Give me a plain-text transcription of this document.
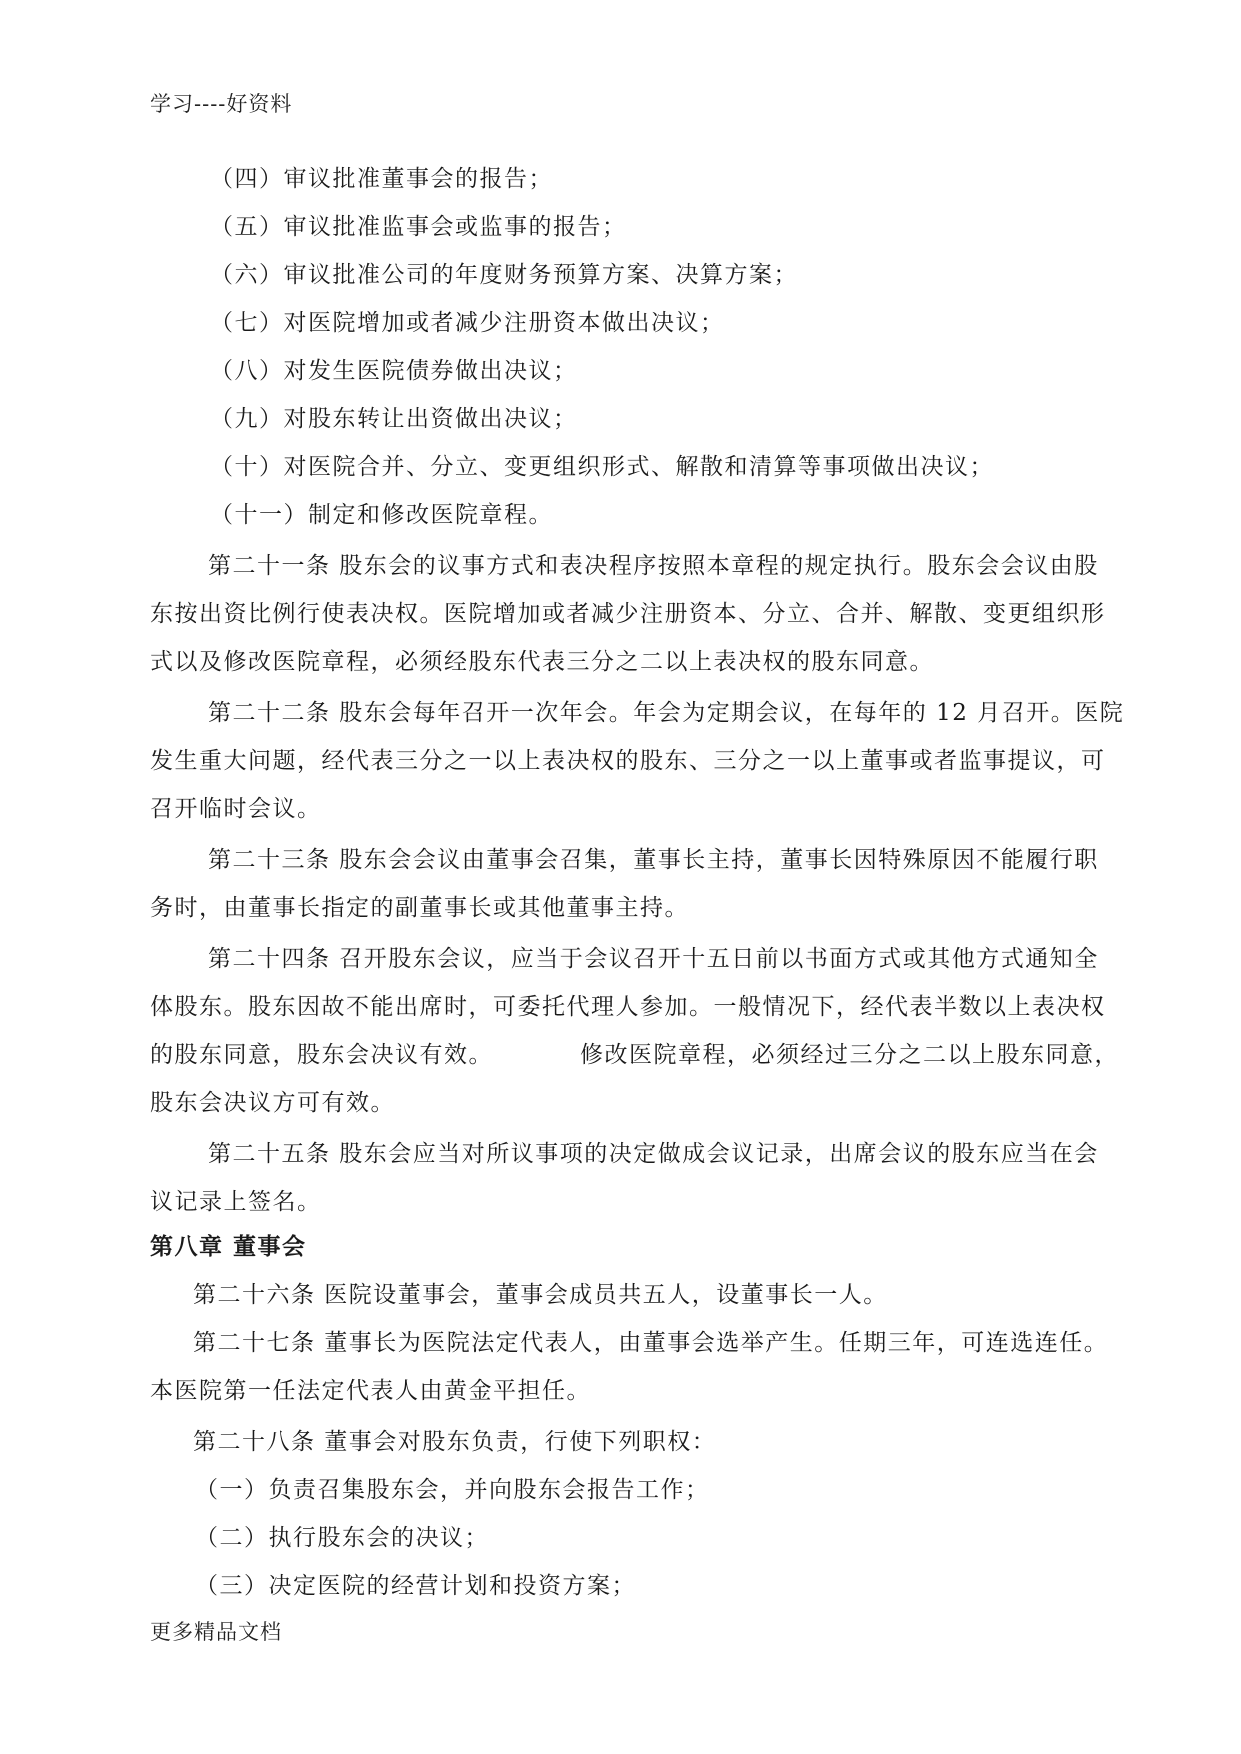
学习----好资料
（四）审议批准董事会的报告；
（五）审议批准监事会或监事的报告；
（六）审议批准公司的年度财务预算方案、决算方案；
（七）对医院增加或者减少注册资本做出决议；
（八）对发生医院债券做出决议；
（九）对股东转让出资做出决议；
（十）对医院合并、分立、变更组织形式、解散和清算等事项做出决议；
（十一）制定和修改医院章程。
第二十一条 股东会的议事方式和表决程序按照本章程的规定执行。股东会会议由股
东按出资比例行使表决权。医院增加或者减少注册资本、分立、合并、解散、变更组织形
式以及修改医院章程，必须经股东代表三分之二以上表决权的股东同意。
第二十二条 股东会每年召开一次年会。年会为定期会议，在每年的 12 月召开。医院
发生重大问题，经代表三分之一以上表决权的股东、三分之一以上董事或者监事提议，可
召开临时会议。
第二十三条 股东会会议由董事会召集，董事长主持，董事长因特殊原因不能履行职
务时，由董事长指定的副董事长或其他董事主持。
第二十四条 召开股东会议，应当于会议召开十五日前以书面方式或其他方式通知全
体股东。股东因故不能出席时，可委托代理人参加。一般情况下，经代表半数以上表决权
的股东同意，股东会决议有效。	修改医院章程，必须经过三分之二以上股东同意，
股东会决议方可有效。
第二十五条 股东会应当对所议事项的决定做成会议记录，出席会议的股东应当在会
议记录上签名。
第八章 董事会
第二十六条 医院设董事会，董事会成员共五人，设董事长一人。
第二十七条 董事长为医院法定代表人，由董事会选举产生。任期三年，可连选连任。
本医院第一任法定代表人由黄金平担任。
第二十八条 董事会对股东负责，行使下列职权：
（一）负责召集股东会，并向股东会报告工作；
（二）执行股东会的决议；
（三）决定医院的经营计划和投资方案；
更多精品文档
